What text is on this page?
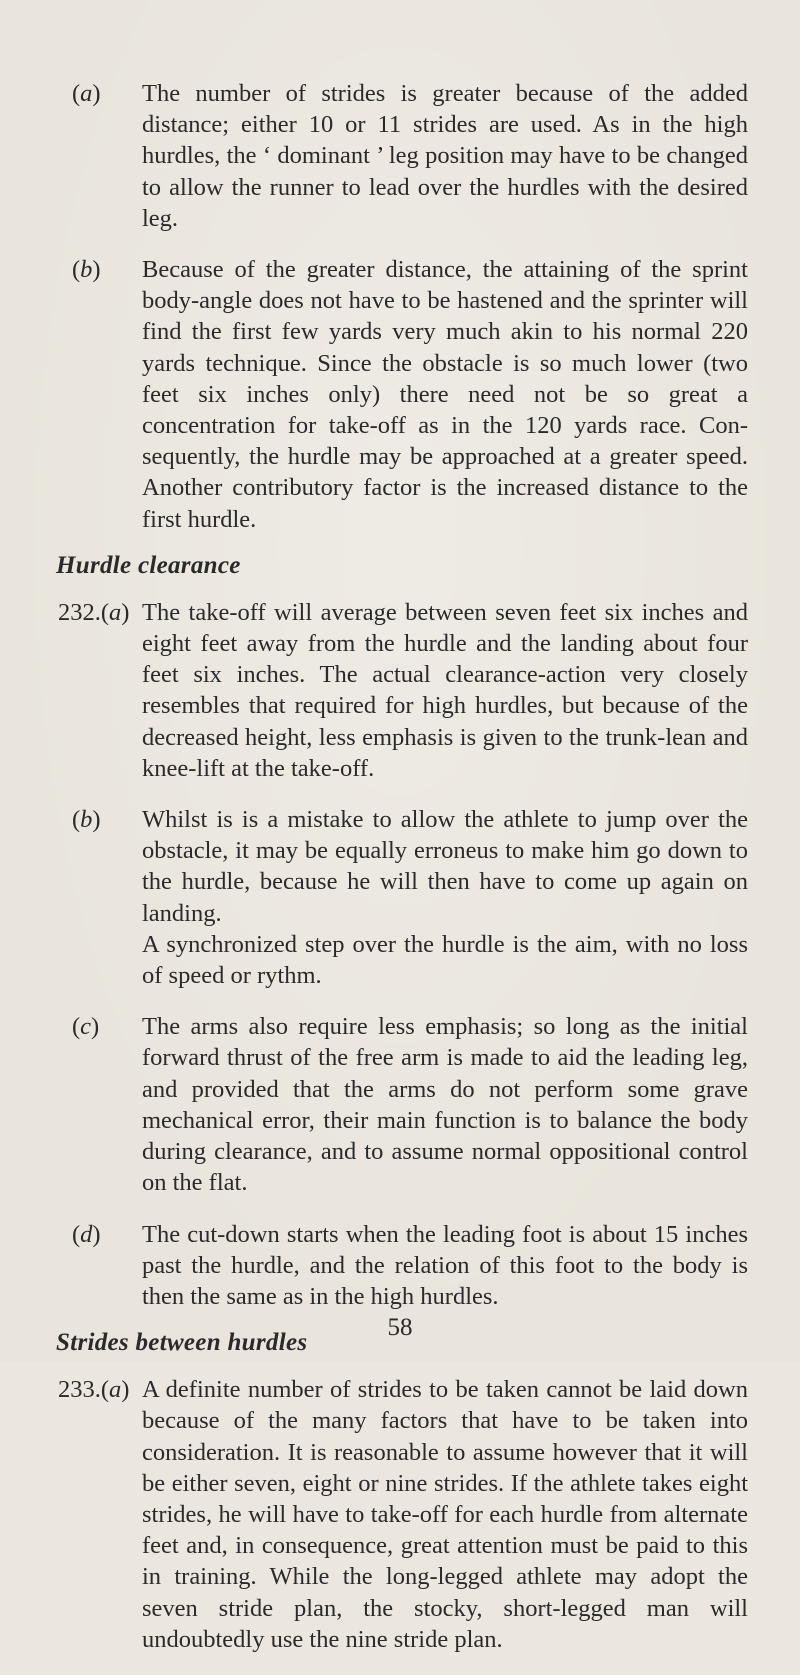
(a)	The number of strides is greater because of the added distance; either 10 or 11 strides are used. As in the high hurdles, the ‘ dominant ’ leg position may have to be changed to allow the runner to lead over the hurdles with the desired leg.

(b)	Because of the greater distance, the attaining of the sprint body-angle does not have to be hastened and the sprinter will find the first few yards very much akin to his normal 220 yards technique. Since the obstacle is so much lower (two feet six inches only) there need not be so great a concentration for take-off as in the 120 yards race. Con-sequently, the hurdle may be approached at a greater speed. Another contributory factor is the increased distance to the first hurdle.

Hurdle clearance
232.(a) The take-off will average between seven feet six inches and eight feet away from the hurdle and the landing about four feet six inches. The actual clearance-action very closely resembles that required for high hurdles, but because of the decreased height, less emphasis is given to the trunk-lean and knee-lift at the take-off.

(b)	Whilst is is a mistake to allow the athlete to jump over the obstacle, it may be equally erroneus to make him go down to the hurdle, because he will then have to come up again on landing.

A synchronized step over the hurdle is the aim, with no loss of speed or rythm.

(c)	The arms also require less emphasis; so long as the initial forward thrust of the free arm is made to aid the leading leg, and provided that the arms do not perform some grave mechanical error, their main function is to balance the body during clearance, and to assume normal oppositional control on the flat.

(d)	The cut-down starts when the leading foot is about 15 inches past the hurdle, and the relation of this foot to the body is then the same as in the high hurdles.

Strides between hurdles
233.(a) A definite number of strides to be taken cannot be laid down because of the many factors that have to be taken into consideration. It is reasonable to assume however that it will be either seven, eight or nine strides. If the athlete takes eight strides, he will have to take-off for each hurdle from alternate feet and, in consequence, great attention must be paid to this in training. While the long-legged athlete may adopt the seven stride plan, the stocky, short-legged man will undoubtedly use the nine stride plan.

58
